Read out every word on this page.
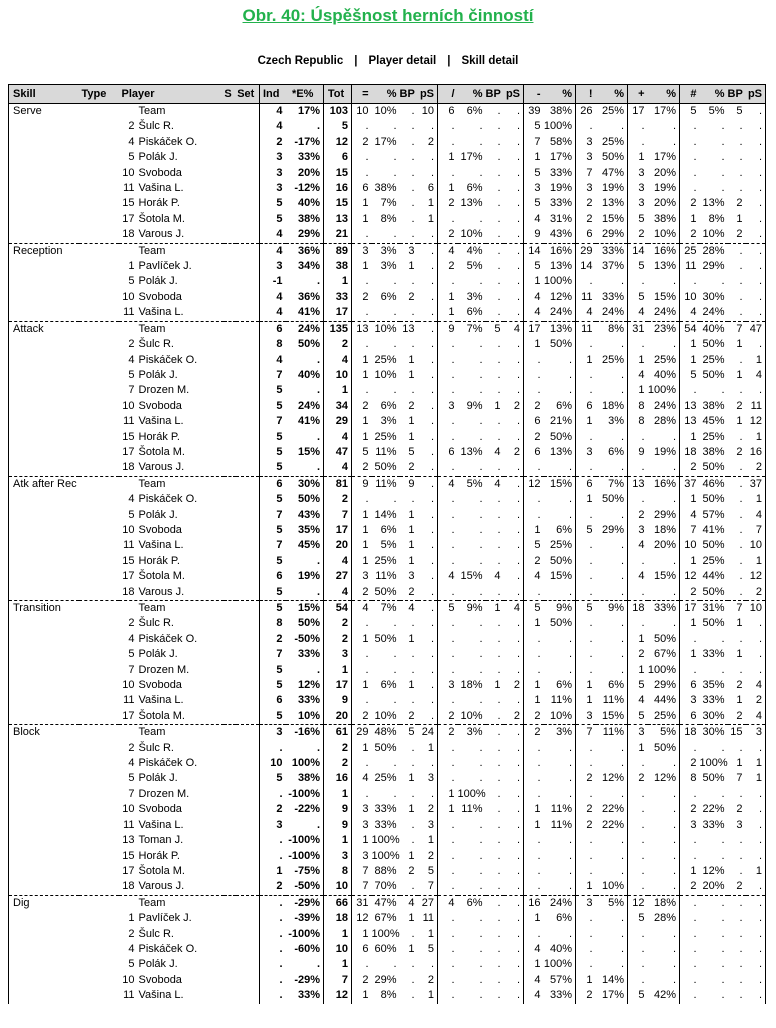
Obr. 40: Úspěšnost herních činností
Czech Republic | Player detail | Skill detail
Skill	Type	Player	S	Set	Ind	*E%	Tot	=	%	BP	pS	/	%	BP	pS	-	%	!	%	+	%	#	%	BP	pS
Serve		Team			4	17%	103	10	10%	.	10	6	6%	.	.	39	38%	26	25%	17	17%	5	5%	5	.
		2 Šulc R.			4	.	5	.	.	.	.	.	.	.	.	5	100%	.	.	.	.	.	.	.	.
		4 Piskáček O.			2	-17%	12	2	17%	.	2	.	.	.	.	7	58%	3	25%	.	.	.	.	.	.
		5 Polák J.			3	33%	6	.	.	.	.	1	17%	.	.	1	17%	3	50%	1	17%	.	.	.	.
		10 Svoboda			3	20%	15	.	.	.	.	.	.	.	.	5	33%	7	47%	3	20%	.	.	.	.
		11 Vašina L.			3	-12%	16	6	38%	.	6	1	6%	.	.	3	19%	3	19%	3	19%	.	.	.	.
		15 Horák P.			5	40%	15	1	7%	.	1	2	13%	.	.	5	33%	2	13%	3	20%	2	13%	2	.
		17 Šotola M.			5	38%	13	1	8%	.	1	.	.	.	.	4	31%	2	15%	5	38%	1	8%	1	.
		18 Varous J.			4	29%	21	.	.	.	.	2	10%	.	.	9	43%	6	29%	2	10%	2	10%	2	.
Reception		Team			4	36%	89	3	3%	3	.	4	4%	.	.	14	16%	29	33%	14	16%	25	28%	.	.
		1 Pavlíček J.			3	34%	38	1	3%	1	.	2	5%	.	.	5	13%	14	37%	5	13%	11	29%	.	.
		5 Polák J.			-1	.	1	.	.	.	.	.	.	.	.	1	100%	.	.	.	.	.	.	.	.
		10 Svoboda			4	36%	33	2	6%	2	.	1	3%	.	.	4	12%	11	33%	5	15%	10	30%	.	.
		11 Vašina L.			4	41%	17	.	.	.	.	1	6%	.	.	4	24%	4	24%	4	24%	4	24%	.	.
Attack		Team			6	24%	135	13	10%	13	.	9	7%	5	4	17	13%	11	8%	31	23%	54	40%	7	47
		2 Šulc R.			8	50%	2	.	.	.	.	.	.	.	.	1	50%	.	.	.	.	1	50%	1	.
		4 Piskáček O.			4	.	4	1	25%	1	.	.	.	.	.	.	.	1	25%	1	25%	1	25%	.	1
		5 Polák J.			7	40%	10	1	10%	1	.	.	.	.	.	.	.	.	.	4	40%	5	50%	1	4
		7 Drozen M.			5	.	1	.	.	.	.	.	.	.	.	.	.	.	.	1	100%	.	.	.	.
		10 Svoboda			5	24%	34	2	6%	2	.	3	9%	1	2	2	6%	6	18%	8	24%	13	38%	2	11
		11 Vašina L.			7	41%	29	1	3%	1	.	.	.	.	.	6	21%	1	3%	8	28%	13	45%	1	12
		15 Horák P.			5	.	4	1	25%	1	.	.	.	.	.	2	50%	.	.	.	.	1	25%	.	1
		17 Šotola M.			5	15%	47	5	11%	5	.	6	13%	4	2	6	13%	3	6%	9	19%	18	38%	2	16
		18 Varous J.			5	.	4	2	50%	2	.	.	.	.	.	.	.	.	.	.	.	2	50%	.	2
Atk after Rec		Team			6	30%	81	9	11%	9	.	4	5%	4	.	12	15%	6	7%	13	16%	37	46%	.	37
		4 Piskáček O.			5	50%	2	.	.	.	.	.	.	.	.	.	.	1	50%	.	.	1	50%	.	1
		5 Polák J.			7	43%	7	1	14%	1	.	.	.	.	.	.	.	.	.	2	29%	4	57%	.	4
		10 Svoboda			5	35%	17	1	6%	1	.	.	.	.	.	1	6%	5	29%	3	18%	7	41%	.	7
		11 Vašina L.			7	45%	20	1	5%	1	.	.	.	.	.	5	25%	.	.	4	20%	10	50%	.	10
		15 Horák P.			5	.	4	1	25%	1	.	.	.	.	.	2	50%	.	.	.	.	1	25%	.	1
		17 Šotola M.			6	19%	27	3	11%	3	.	4	15%	4	.	4	15%	.	.	4	15%	12	44%	.	12
		18 Varous J.			5	.	4	2	50%	2	.	.	.	.	.	.	.	.	.	.	.	2	50%	.	2
Transition		Team			5	15%	54	4	7%	4	.	5	9%	1	4	5	9%	5	9%	18	33%	17	31%	7	10
		2 Šulc R.			8	50%	2	.	.	.	.	.	.	.	.	1	50%	.	.	.	.	1	50%	1	.
		4 Piskáček O.			2	-50%	2	1	50%	1	.	.	.	.	.	.	.	.	.	1	50%	.	.	.	.
		5 Polák J.			7	33%	3	.	.	.	.	.	.	.	.	.	.	.	.	2	67%	1	33%	1	.
		7 Drozen M.			5	.	1	.	.	.	.	.	.	.	.	.	.	.	.	1	100%	.	.	.	.
		10 Svoboda			5	12%	17	1	6%	1	.	3	18%	1	2	1	6%	1	6%	5	29%	6	35%	2	4
		11 Vašina L.			6	33%	9	.	.	.	.	.	.	.	.	1	11%	1	11%	4	44%	3	33%	1	2
		17 Šotola M.			5	10%	20	2	10%	2	.	2	10%	.	2	2	10%	3	15%	5	25%	6	30%	2	4
Block		Team			3	-16%	61	29	48%	5	24	2	3%	.	.	2	3%	7	11%	3	5%	18	30%	15	3
		2 Šulc R.			.	.	2	1	50%	.	1	.	.	.	.	.	.	.	.	1	50%	.	.	.	.
		4 Piskáček O.			10	100%	2	.	.	.	.	.	.	.	.	.	.	.	.	.	.	2	100%	1	1
		5 Polák J.			5	38%	16	4	25%	1	3	.	.	.	.	.	.	2	12%	2	12%	8	50%	7	1
		7 Drozen M.			.	-100%	1	.	.	.	.	1	100%	.	.	.	.	.	.	.	.	.	.	.	.
		10 Svoboda			2	-22%	9	3	33%	1	2	1	11%	.	.	1	11%	2	22%	.	.	2	22%	2	.
		11 Vašina L.			3	.	9	3	33%	.	3	.	.	.	.	1	11%	2	22%	.	.	3	33%	3	.
		13 Toman J.			.	-100%	1	1	100%	.	1	.	.	.	.	.	.	.	.	.	.	.	.	.	.
		15 Horák P.			.	-100%	3	3	100%	1	2	.	.	.	.	.	.	.	.	.	.	.	.	.	.
		17 Šotola M.			1	-75%	8	7	88%	2	5	.	.	.	.	.	.	.	.	.	.	1	12%	.	1
		18 Varous J.			2	-50%	10	7	70%	.	7	.	.	.	.	.	.	1	10%	.	.	2	20%	2	.
Dig		Team			.	-29%	66	31	47%	4	27	4	6%	.	.	16	24%	3	5%	12	18%	.	.	.	.
		1 Pavlíček J.			.	-39%	18	12	67%	1	11	.	.	.	.	1	6%	.	.	5	28%	.	.	.	.
		2 Šulc R.			.	-100%	1	1	100%	.	1	.	.	.	.	.	.	.	.	.	.	.	.	.	.
		4 Piskáček O.			.	-60%	10	6	60%	1	5	.	.	.	.	4	40%	.	.	.	.	.	.	.	.
		5 Polák J.			.	.	1	.	.	.	.	.	.	.	.	1	100%	.	.	.	.	.	.	.	.
		10 Svoboda			.	-29%	7	2	29%	.	2	.	.	.	.	4	57%	1	14%	.	.	.	.	.	.
		11 Vašina L.			.	33%	12	1	8%	.	1	.	.	.	.	4	33%	2	17%	5	42%	.	.	.	.
